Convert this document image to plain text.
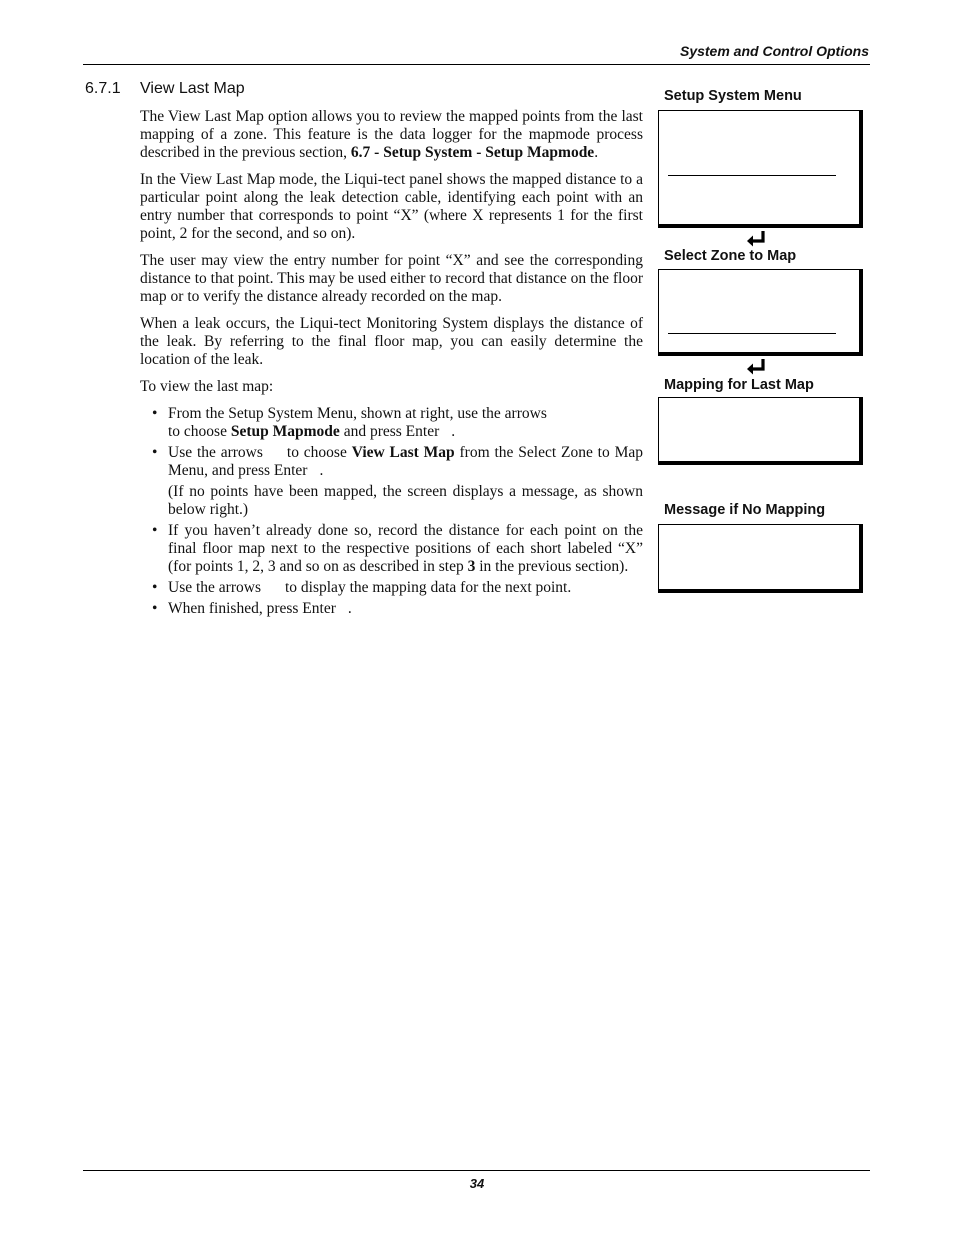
System and Control Options
6.7.1 View Last Map

The View Last Map option allows you to review the mapped points from the last mapping of a zone. This feature is the data logger for the mapmode process described in the previous section, 6.7 - Setup System - Setup Mapmode.

In the View Last Map mode, the Liqui-tect panel shows the mapped distance to a particular point along the leak detection cable, identifying each point with an entry number that corresponds to point “X” (where X represents 1 for the first point, 2 for the second, and so on).

The user may view the entry number for point “X” and see the corresponding distance to that point. This may be used either to record that distance on the floor map or to verify the distance already recorded on the map.

When a leak occurs, the Liqui-tect Monitoring System displays the distance of the leak. By referring to the final floor map, you can easily determine the location of the leak.

To view the last map:

• From the Setup System Menu, shown at right, use the arrows
to choose Setup Mapmode and press Enter .
• Use the arrows to choose View Last Map from the Select Zone to Map Menu, and press Enter .

(If no points have been mapped, the screen displays a message, as shown below right.)

• If you haven’t already done so, record the distance for each point on the final floor map next to the respective positions of each short labeled “X” (for points 1, 2, 3 and so on as described in step 3 in the previous section).
• Use the arrows to display the mapping data for the next point.
• When finished, press Enter .
Setup System Menu
Select Zone to Map
Mapping for Last Map
Message if No Mapping
34
